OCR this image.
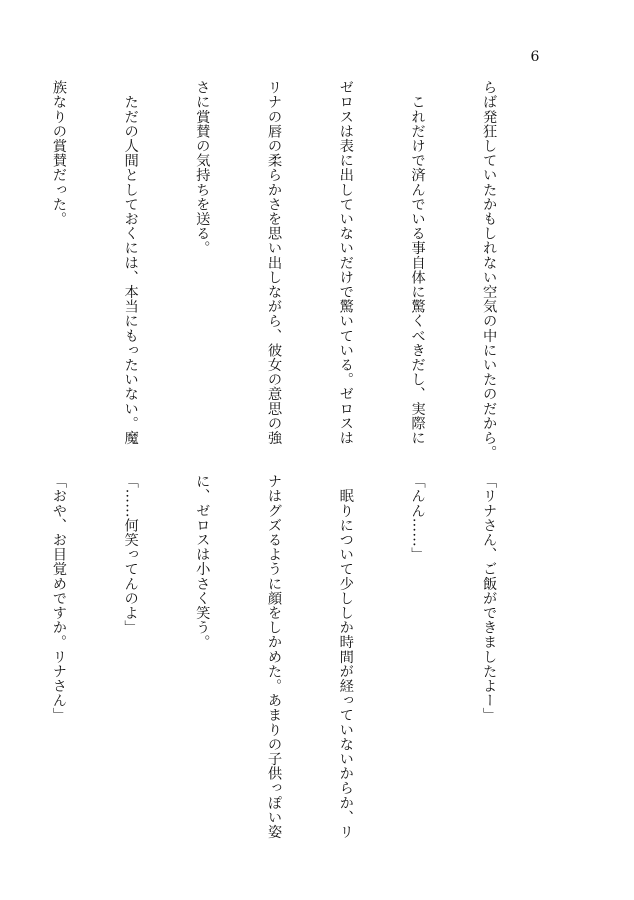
6

らば発狂していたかもしれない空気の中にいたのだから。

　これだけで済んでいる事自体に驚くべきだし、実際に

ゼロスは表に出していないだけで驚いている。ゼロスは

リナの唇の柔らかさを思い出しながら、彼女の意思の強

さに賞賛の気持ちを送る。

　ただの人間としておくには、本当にもったいない。魔

族なりの賞賛だった。

「リナさん、ご飯ができましたよー」

「んん……」

　眠りについて少ししか時間が経っていないからか、リ

ナはグズるように顔をしかめた。あまりの子供っぽい姿

に、ゼロスは小さく笑う。

「……何笑ってんのよ」

「おや、お目覚めですか。リナさん」
